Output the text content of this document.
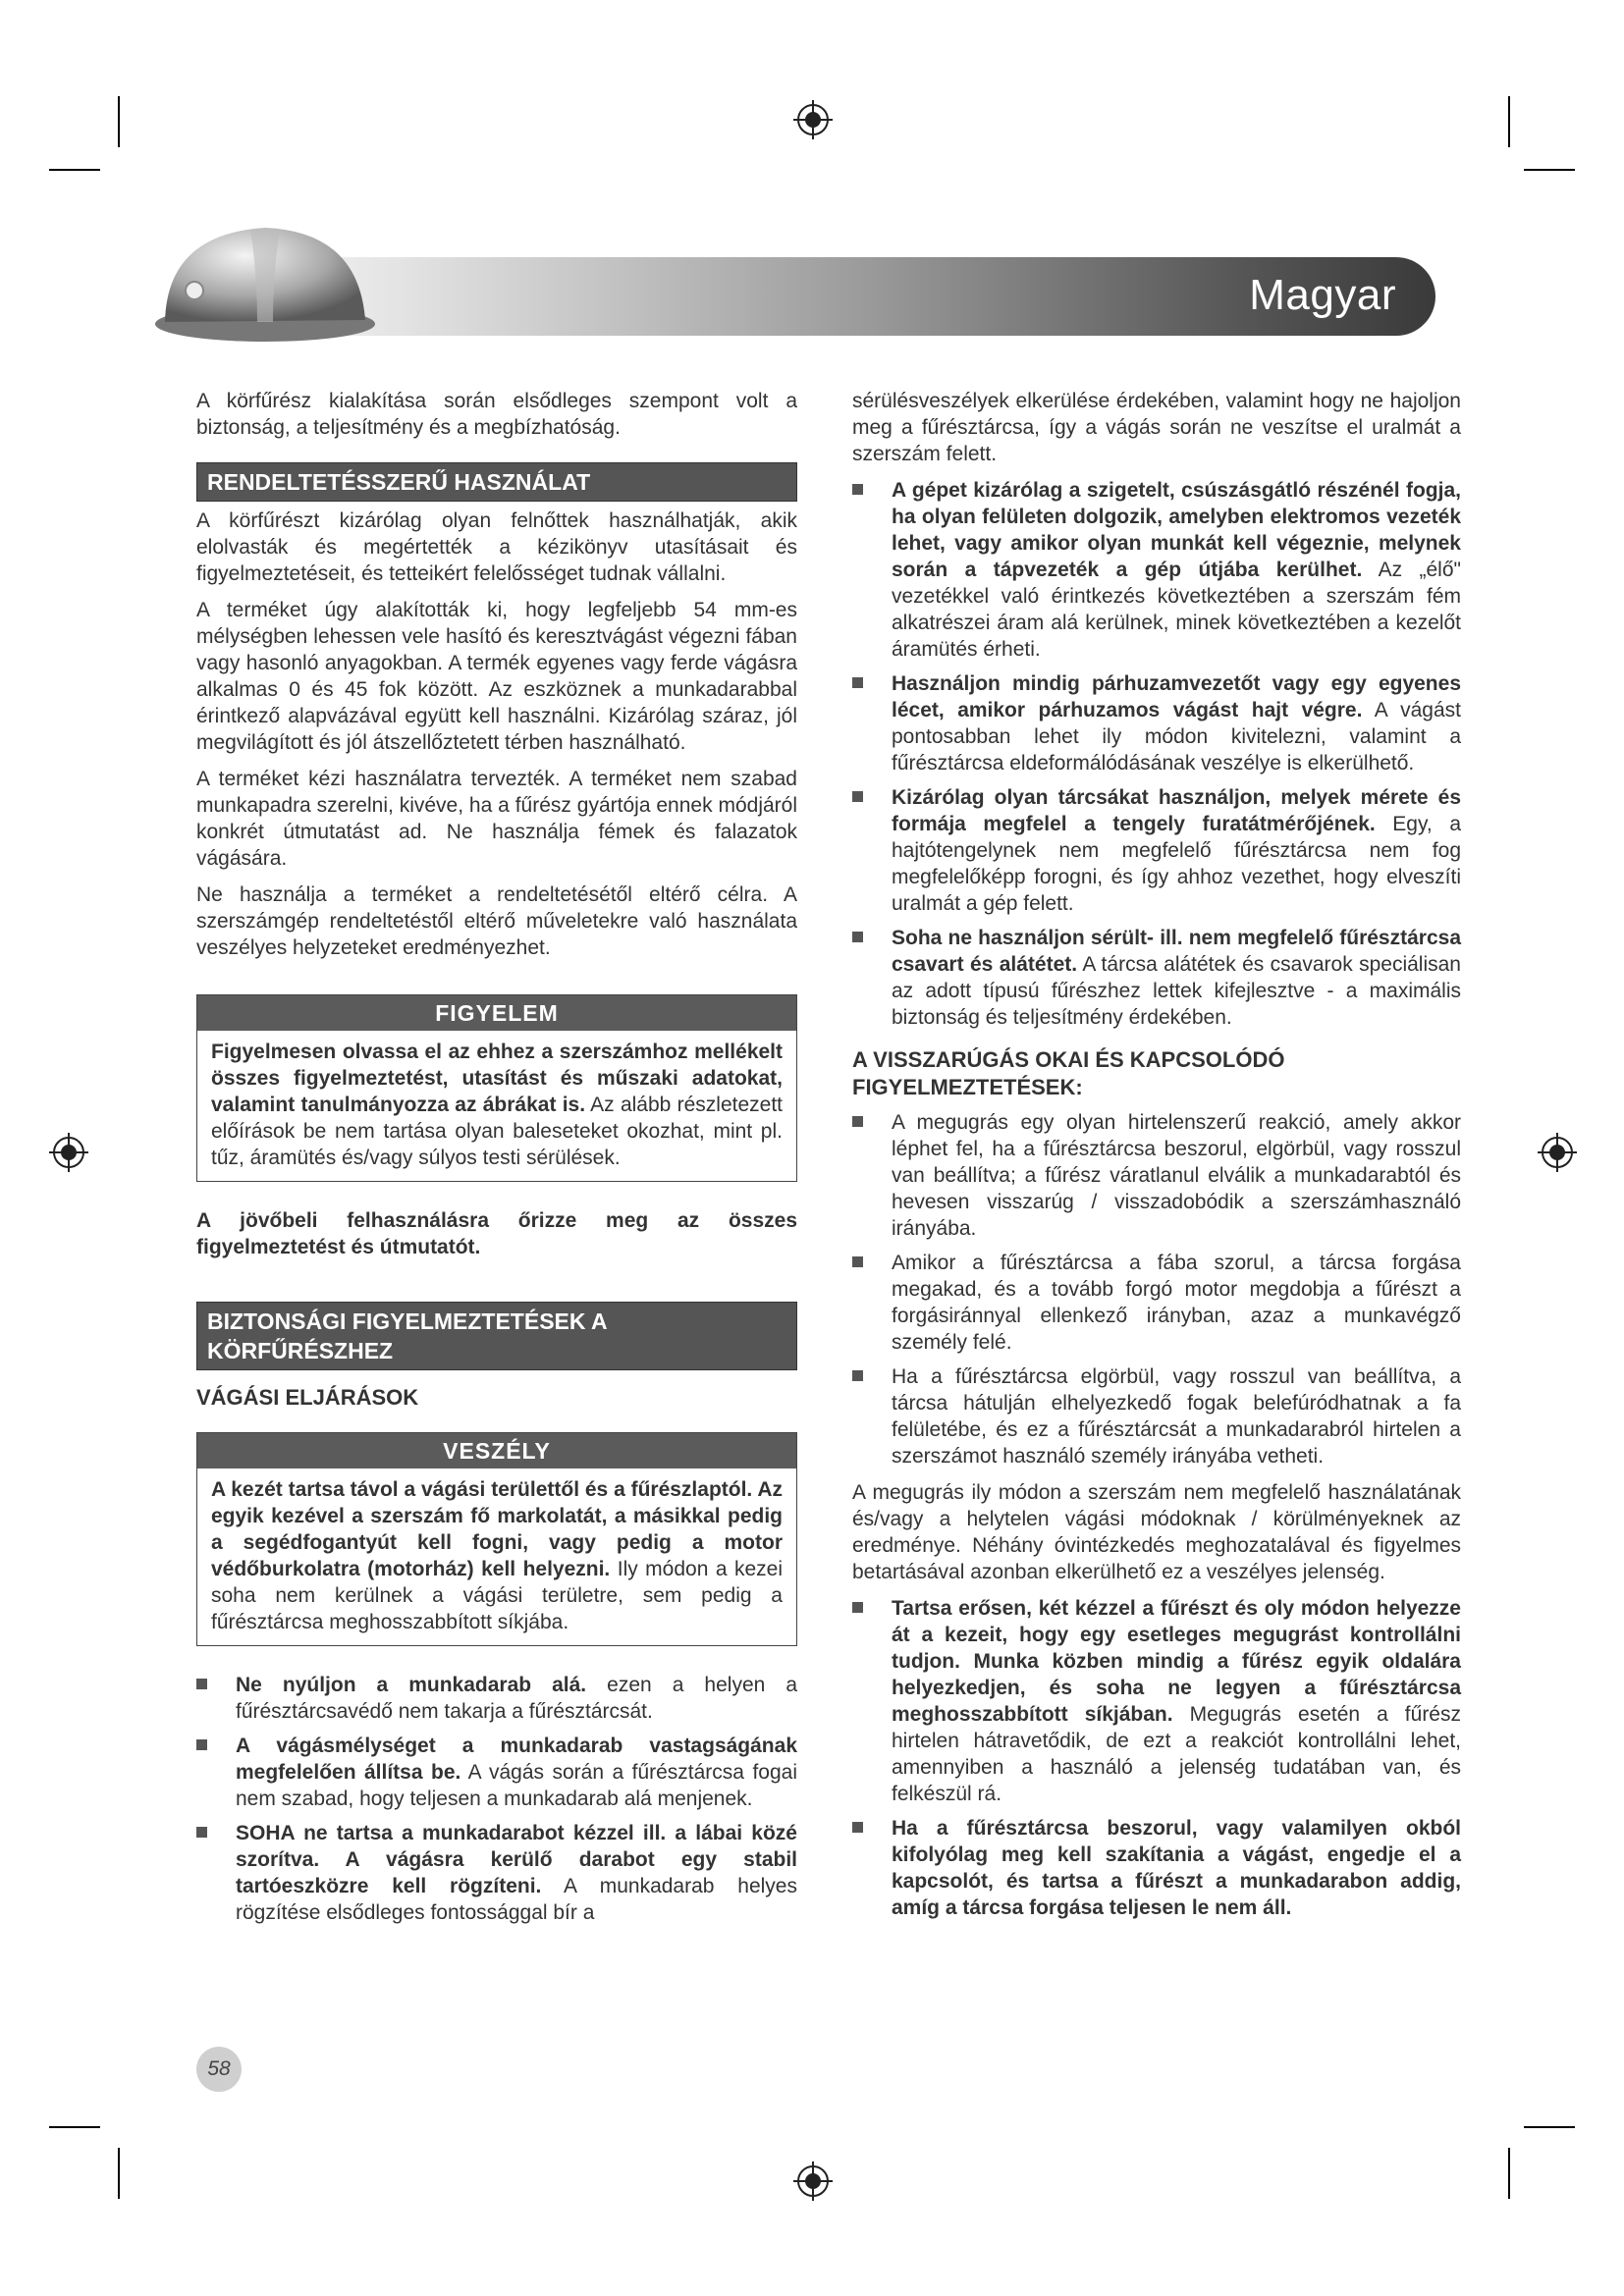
Magyar

A körfűrész kialakítása során elsődleges szempont volt a biztonság, a teljesítmény és a megbízhatóság.

RENDELTETÉSSZERŰ HASZNÁLAT

A körfűrészt kizárólag olyan felnőttek használhatják, akik elolvasták és megértették a kézikönyv utasításait és figyelmeztetéseit, és tetteikért felelősséget tudnak vállalni.

A terméket úgy alakították ki, hogy legfeljebb 54 mm-es mélységben lehessen vele hasító és keresztvágást végezni fában vagy hasonló anyagokban. A termék egyenes vagy ferde vágásra alkalmas 0 és 45 fok között. Az eszköznek a munkadarabbal érintkező alapvázával együtt kell használni. Kizárólag száraz, jól megvilágított és jól átszellőztetett térben használható.

A terméket kézi használatra tervezték. A terméket nem szabad munkapadra szerelni, kivéve, ha a fűrész gyártója ennek módjáról konkrét útmutatást ad. Ne használja fémek és falazatok vágására.

Ne használja a terméket a rendeltetésétől eltérő célra. A szerszámgép rendeltetéstől eltérő műveletekre való használata veszélyes helyzeteket eredményezhet.

FIGYELEM

Figyelmesen olvassa el az ehhez a szerszámhoz mellékelt összes figyelmeztetést, utasítást és műszaki adatokat, valamint tanulmányozza az ábrákat is. Az alább részletezett előírások be nem tartása olyan baleseteket okozhat, mint pl. tűz, áramütés és/vagy súlyos testi sérülések.

A jövőbeli felhasználásra őrizze meg az összes figyelmeztetést és útmutatót.

BIZTONSÁGI FIGYELMEZTETÉSEK A KÖRFŰRÉSZHEZ
VÁGÁSI ELJÁRÁSOK
VESZÉLY

A kezét tartsa távol a vágási területtől és a fűrészlaptól. Az egyik kezével a szerszám fő markolatát, a másikkal pedig a segédfogantyút kell fogni, vagy pedig a motor védőburkolatra (motorház) kell helyezni. Ily módon a kezei soha nem kerülnek a vágási területre, sem pedig a fűrésztárcsa meghosszabbított síkjába.

Ne nyúljon a munkadarab alá. ezen a helyen a fűrésztárcsavédő nem takarja a fűrésztárcsát.
A vágásmélységet a munkadarab vastagságának megfelelően állítsa be. A vágás során a fűrésztárcsa fogai nem szabad, hogy teljesen a munkadarab alá menjenek.
SOHA ne tartsa a munkadarabot kézzel ill. a lábai közé szorítva. A vágásra kerülő darabot egy stabil tartóeszközre kell rögzíteni. A munkadarab helyes rögzítése elsődleges fontossággal bír a

sérülésveszélyek elkerülése érdekében, valamint hogy ne hajoljon meg a fűrésztárcsa, így a vágás során ne veszítse el uralmát a szerszám felett.

A gépet kizárólag a szigetelt, csúszásgátló részénél fogja, ha olyan felületen dolgozik, amelyben elektromos vezeték lehet, vagy amikor olyan munkát kell végeznie, melynek során a tápvezeték a gép útjába kerülhet. Az „élő" vezetékkel való érintkezés következtében a szerszám fém alkatrészei áram alá kerülnek, minek következtében a kezelőt áramütés érheti.
Használjon mindig párhuzamvezetőt vagy egy egyenes lécet, amikor párhuzamos vágást hajt végre. A vágást pontosabban lehet ily módon kivitelezni, valamint a fűrésztárcsa eldeformálódásának veszélye is elkerülhető.
Kizárólag olyan tárcsákat használjon, melyek mérete és formája megfelel a tengely furatátmérőjének. Egy, a hajtótengelynek nem megfelelő fűrésztárcsa nem fog megfelelőképp forogni, és így ahhoz vezethet, hogy elveszíti uralmát a gép felett.
Soha ne használjon sérült- ill. nem megfelelő fűrésztárcsa csavart és alátétet. A tárcsa alátétek és csavarok speciálisan az adott típusú fűrészhez lettek kifejlesztve - a maximális biztonság és teljesítmény érdekében.
A VISSZARÚGÁS OKAI ÉS KAPCSOLÓDÓ FIGYELMEZTETÉSEK:
A megugrás egy olyan hirtelenszerű reakció, amely akkor léphet fel, ha a fűrésztárcsa beszorul, elgörbül, vagy rosszul van beállítva; a fűrész váratlanul elválik a munkadarabtól és hevesen visszarúg / visszadobódik a szerszámhasználó irányába.
Amikor a fűrésztárcsa a fába szorul, a tárcsa forgása megakad, és a tovább forgó motor megdobja a fűrészt a forgásiránnyal ellenkező irányban, azaz a munkavégző személy felé.
Ha a fűrésztárcsa elgörbül, vagy rosszul van beállítva, a tárcsa hátulján elhelyezkedő fogak belefúródhatnak a fa felületébe, és ez a fűrésztárcsát a munkadarabról hirtelen a szerszámot használó személy irányába vetheti.

A megugrás ily módon a szerszám nem megfelelő használatának és/vagy a helytelen vágási módoknak / körülményeknek az eredménye. Néhány óvintézkedés meghozatalával és figyelmes betartásával azonban elkerülhető ez a veszélyes jelenség.

Tartsa erősen, két kézzel a fűrészt és oly módon helyezze át a kezeit, hogy egy esetleges megugrást kontrollálni tudjon. Munka közben mindig a fűrész egyik oldalára helyezkedjen, és soha ne legyen a fűrésztárcsa meghosszabbított síkjában. Megugrás esetén a fűrész hirtelen hátravetődik, de ezt a reakciót kontrollálni lehet, amennyiben a használó a jelenség tudatában van, és felkészül rá.
Ha a fűrésztárcsa beszorul, vagy valamilyen okból kifolyólag meg kell szakítania a vágást, engedje el a kapcsolót, és tartsa a fűrészt a munkadarabon addig, amíg a tárcsa forgása teljesen le nem áll.
58
